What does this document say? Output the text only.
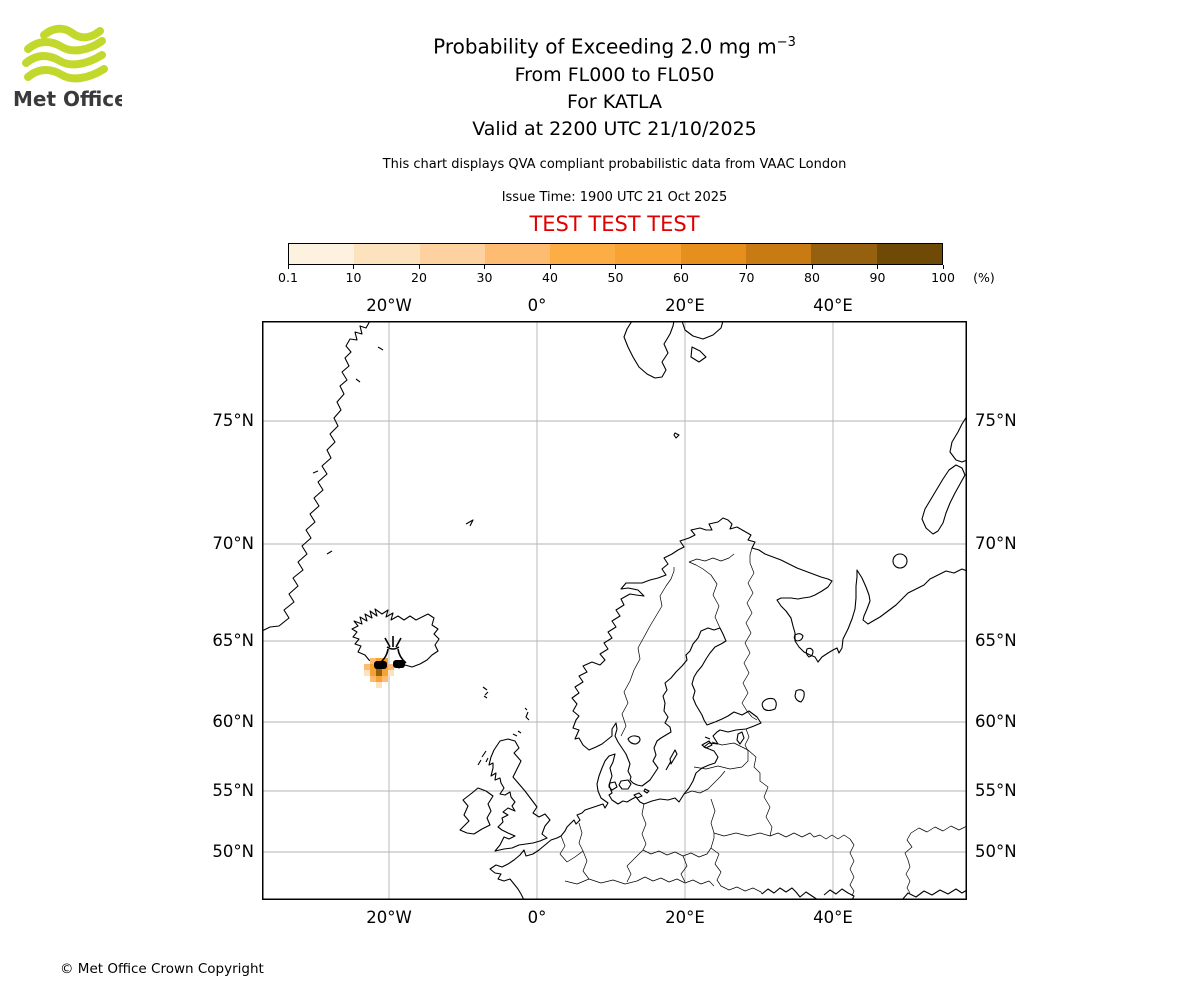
Met Office
Probability of Exceeding 2.0 mg $m^{-3}$
From FL000 to FL050
For KATLA
Valid at 2200 UTC 21/10/2025
This chart displays QVA compliant probabilistic data from VAAC London
Issue Time: 1900 UTC 21 Oct 2025
TEST TEST TEST
0.1	10	20	30	40	50	60	70	80	90	100	(%)
20°W	0°	20°E	40°E
20°W	0°	20°E	40°E
75°N
70°N
65°N
60°N
55°N
50°N
75°N
70°N
65°N
60°N
55°N
50°N
© Met Office Crown Copyright
